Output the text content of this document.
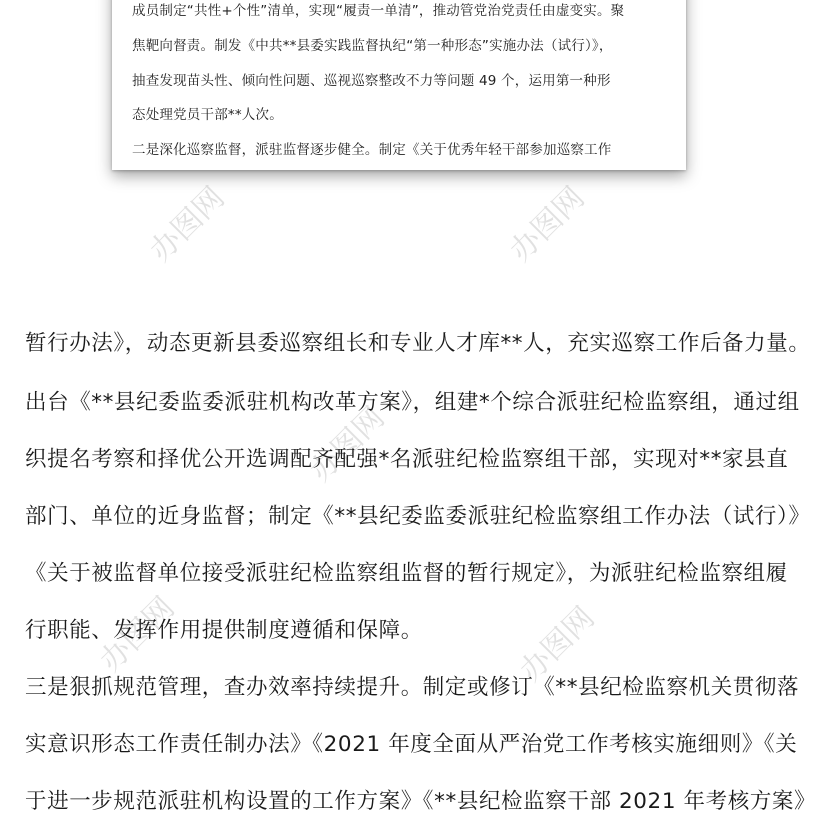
成员制定“共性+个性”清单，实现“履责一单清”，推动管党治党责任由虚变实。聚
焦靶向督责。制发《中共**县委实践监督执纪“第一种形态”实施办法（试行）》，
抽查发现苗头性、倾向性问题、巡视巡察整改不力等问题 49 个，运用第一种形
态处理党员干部**人次。
二是深化巡察监督，派驻监督逐步健全。制定《关于优秀年轻干部参加巡察工作
办图网	办图网
办图网
办图网	办图网
暂行办法》，动态更新县委巡察组长和专业人才库**人，充实巡察工作后备力量。
出台《**县纪委监委派驻机构改革方案》，组建*个综合派驻纪检监察组，通过组
织提名考察和择优公开选调配齐配强*名派驻纪检监察组干部，实现对**家县直
部门、单位的近身监督；制定《**县纪委监委派驻纪检监察组工作办法（试行）》
《关于被监督单位接受派驻纪检监察组监督的暂行规定》，为派驻纪检监察组履
行职能、发挥作用提供制度遵循和保障。
三是狠抓规范管理，查办效率持续提升。制定或修订《**县纪检监察机关贯彻落
实意识形态工作责任制办法》《2021 年度全面从严治党工作考核实施细则》《关
于进一步规范派驻机构设置的工作方案》《**县纪检监察干部 2021 年考核方案》
